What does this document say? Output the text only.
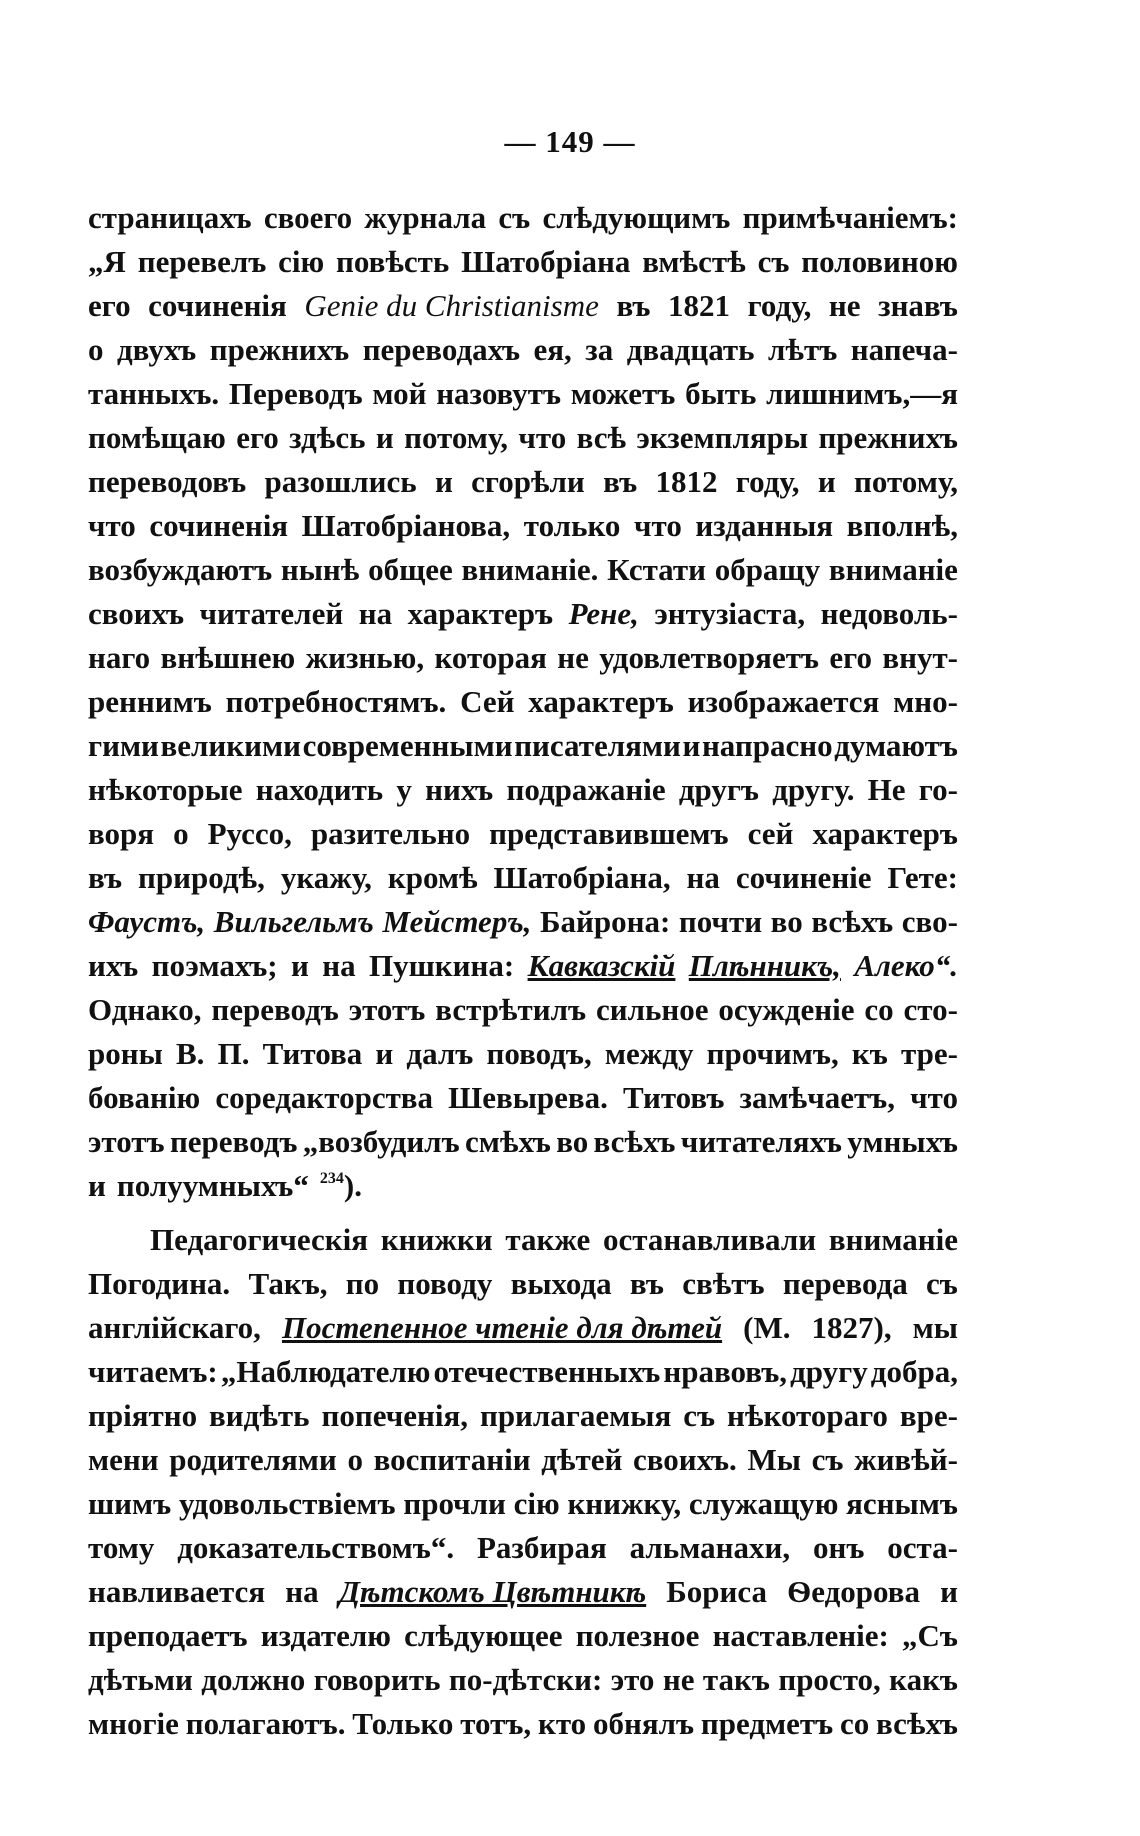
— 149 —
страницахъ своего журнала съ слѣдующимъ примѣчаніемъ:
„Я перевелъ сію повѣсть Шатобріана вмѣстѣ съ половиною
его сочиненія Genie du Christianisme въ 1821 году, не знавъ
о двухъ прежнихъ переводахъ ея, за двадцать лѣтъ напеча-
танныхъ. Переводъ мой назовутъ можетъ быть лишнимъ,—я
помѣщаю его здѣсь и потому, что всѣ экземпляры прежнихъ
переводовъ разошлись и сгорѣли въ 1812 году, и потому,
что сочиненія Шатобріанова, только что изданныя вполнѣ,
возбуждаютъ нынѣ общее вниманіе. Кстати обращу вниманіе
своихъ читателей на характеръ Рене, энтузіаста, недоволь-
наго внѣшнею жизнью, которая не удовлетворяетъ его внут-
реннимъ потребностямъ. Сей характеръ изображается мно-
гими великими современными писателями и напрасно думаютъ
нѣкоторые находить у нихъ подражаніе другъ другу. Не го-
воря о Руссо, разительно представившемъ сей характеръ
въ природѣ, укажу, кромѣ Шатобріана, на сочиненіе Гете:
Фаустъ, Вильгельмъ Мейстеръ, Байрона: почти во всѣхъ сво-
ихъ поэмахъ; и на Пушкина: Кавказскій Плѣнникъ, Алеко“.
Однако, переводъ этотъ встрѣтилъ сильное осужденіе со сто-
роны В. П. Титова и далъ поводъ, между прочимъ, къ тре-
бованію соредакторства Шевырева. Титовъ замѣчаетъ, что
этотъ переводъ „возбудилъ смѣхъ во всѣхъ читателяхъ умныхъ
и полуумныхъ“ 234 ).
Педагогическія книжки также останавливали вниманіе
Погодина. Такъ, по поводу выхода въ свѣтъ перевода съ
англійскаго, Постепенное чтеніе для дѣтей (М. 1827), мы
читаемъ: „Наблюдателю отечественныхъ нравовъ, другу добра,
пріятно видѣть попеченія, прилагаемыя съ нѣкотораго вре-
мени родителями о воспитаніи дѣтей своихъ. Мы съ живѣй-
шимъ удовольствіемъ прочли сію книжку, служащую яснымъ
тому доказательствомъ“. Разбирая альманахи, онъ оста-
навливается на Дѣтскомъ Цвѣтникѣ Бориса Ѳедорова и
преподаетъ издателю слѣдующее полезное наставленіе: „Съ
дѣтьми должно говорить по-дѣтски: это не такъ просто, какъ
многіе полагаютъ. Только тотъ, кто обнялъ предметъ со всѣхъ
